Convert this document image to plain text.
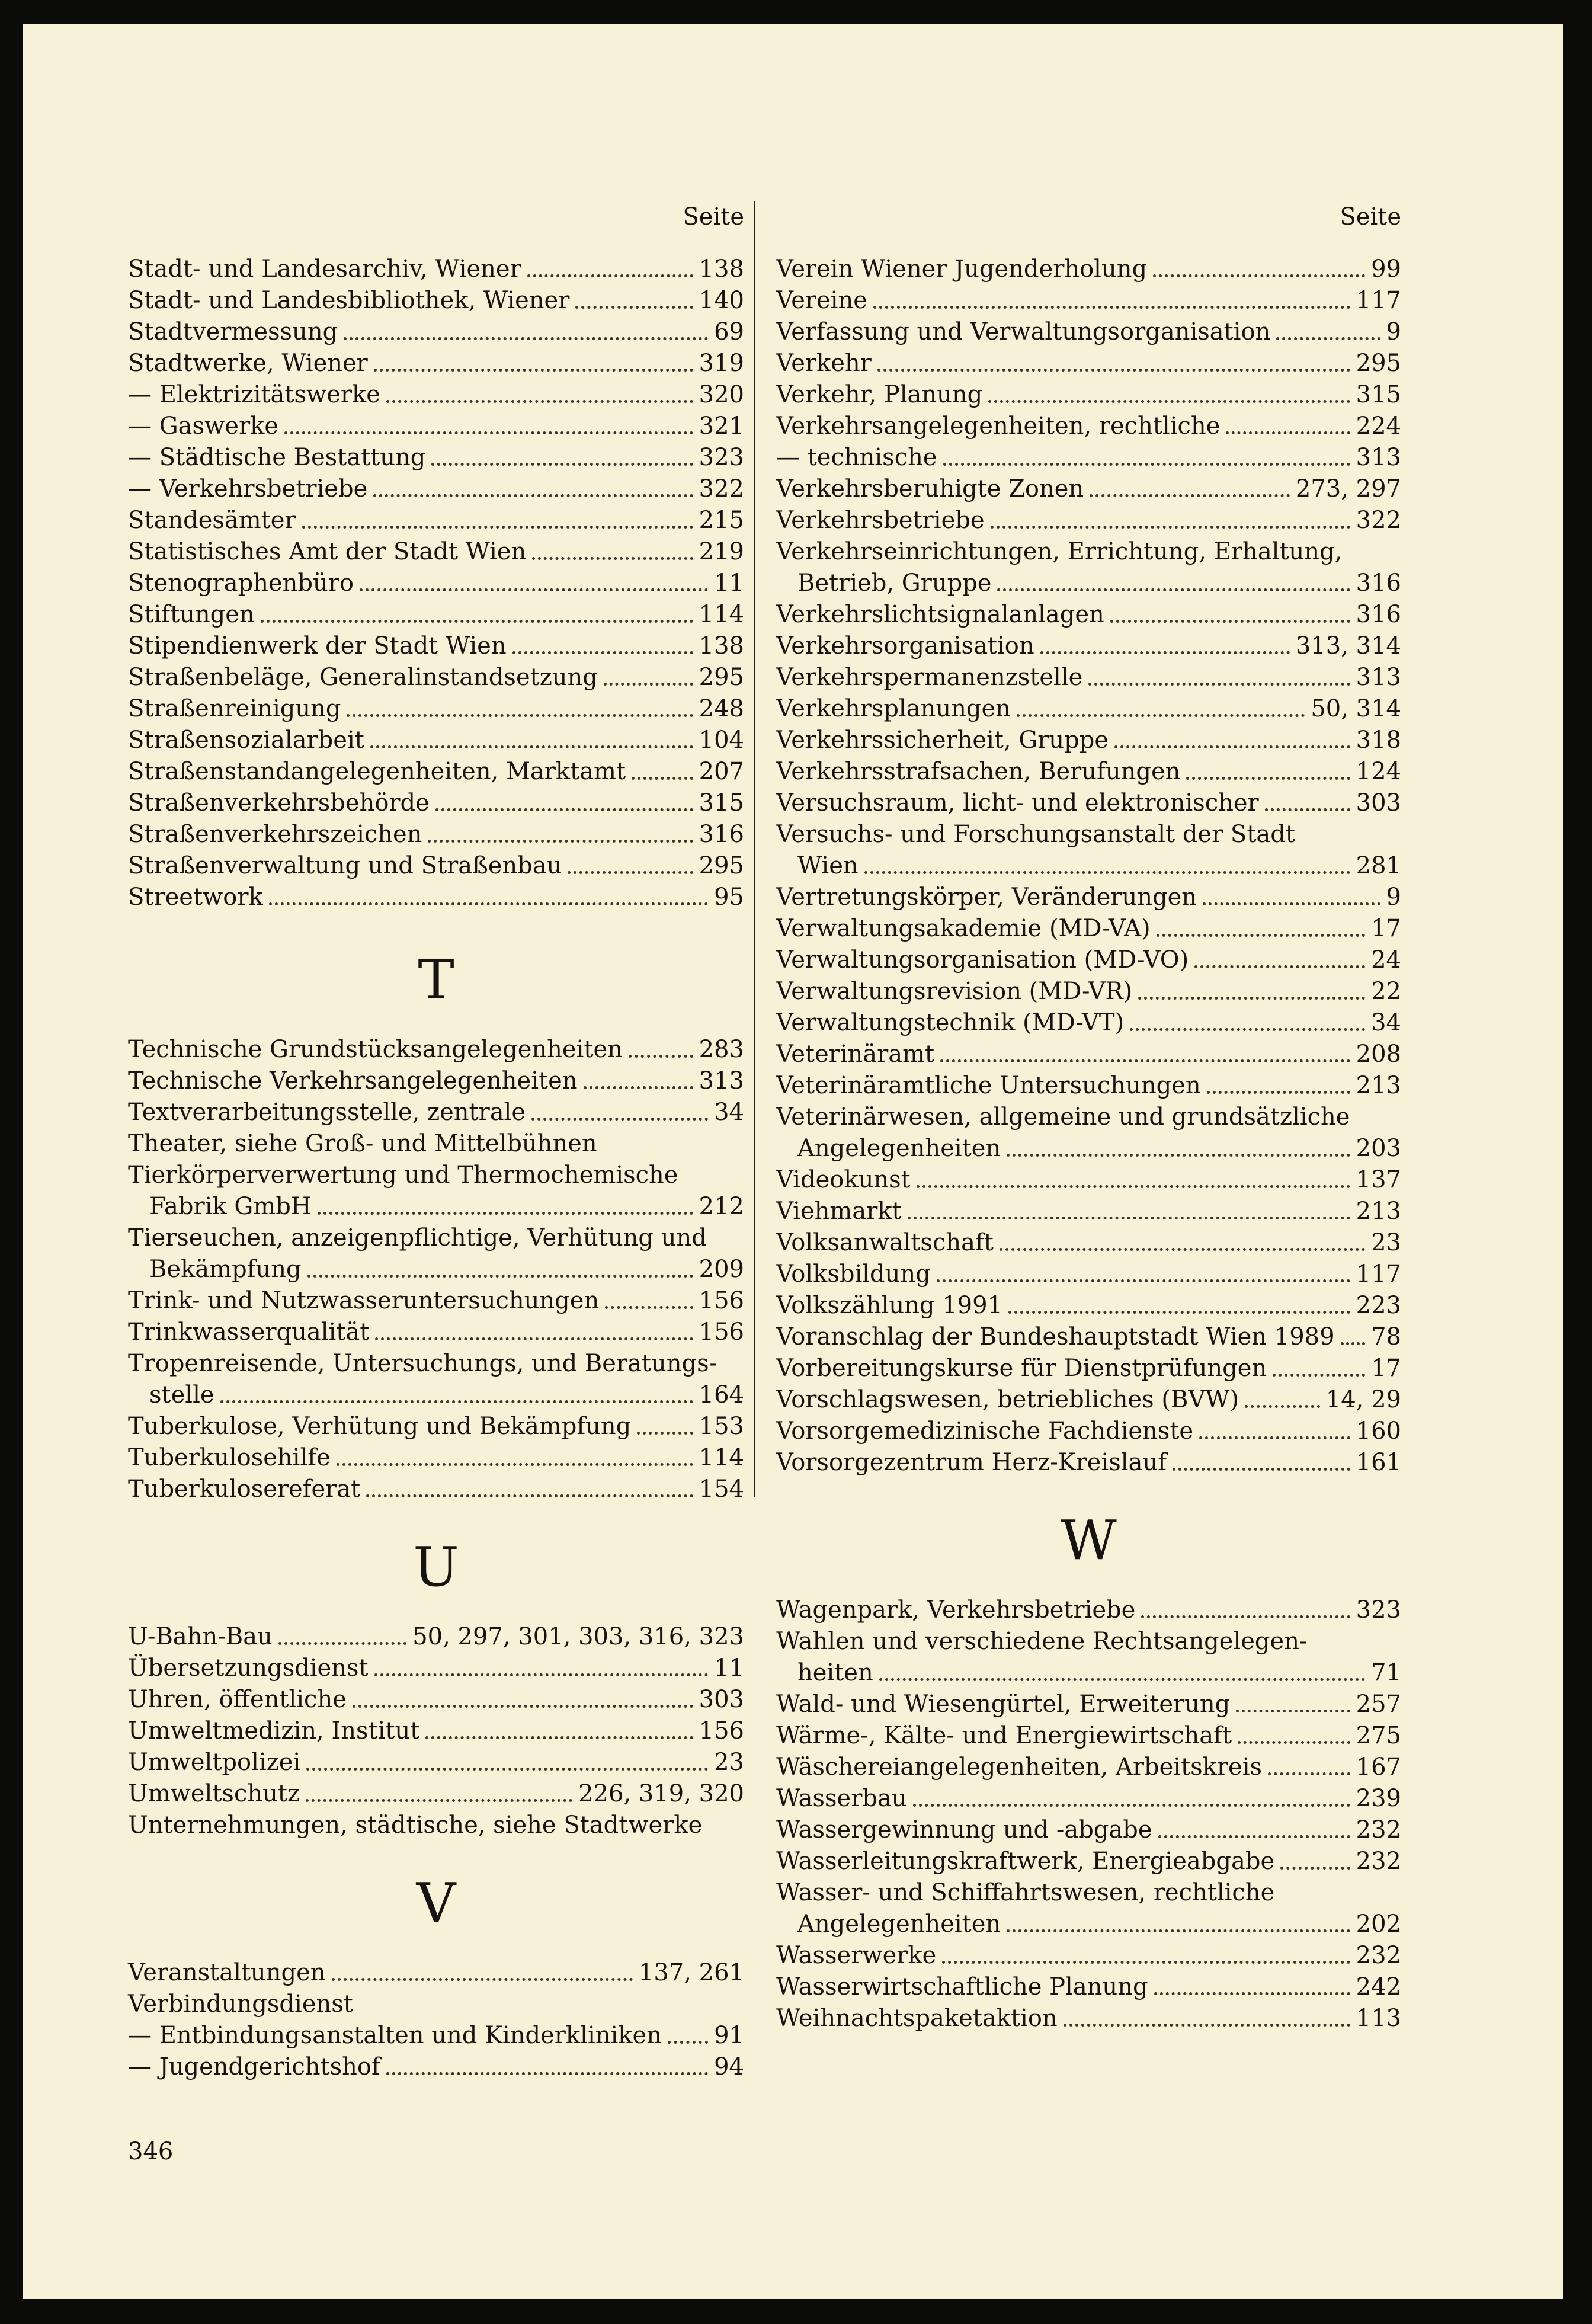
Seite
Stadt- und Landesarchiv, Wiener	138
Stadt- und Landesbibliothek, Wiener	140
Stadtvermessung	69
Stadtwerke, Wiener	319
— Elektrizitätswerke	320
— Gaswerke	321
— Städtische Bestattung	323
— Verkehrsbetriebe	322
Standesämter	215
Statistisches Amt der Stadt Wien	219
Stenographenbüro	11
Stiftungen	114
Stipendienwerk der Stadt Wien	138
Straßenbeläge, Generalinstandsetzung	295
Straßenreinigung	248
Straßensozialarbeit	104
Straßenstandangelegenheiten, Marktamt	207
Straßenverkehrsbehörde	315
Straßenverkehrszeichen	316
Straßenverwaltung und Straßenbau	295
Streetwork	95
T
Technische Grundstücksangelegenheiten	283
Technische Verkehrsangelegenheiten	313
Textverarbeitungsstelle, zentrale	34
Theater, siehe Groß- und Mittelbühnen
Tierkörperverwertung und Thermochemische
Fabrik GmbH	212
Tierseuchen, anzeigenpflichtige, Verhütung und
Bekämpfung	209
Trink- und Nutzwasseruntersuchungen	156
Trinkwasserqualität	156
Tropenreisende, Untersuchungs, und Beratungs-
stelle	164
Tuberkulose, Verhütung und Bekämpfung	153
Tuberkulosehilfe	114
Tuberkulosereferat	154
U
U-Bahn-Bau	50, 297, 301, 303, 316, 323
Übersetzungsdienst	11
Uhren, öffentliche	303
Umweltmedizin, Institut	156
Umweltpolizei	23
Umweltschutz	226, 319, 320
Unternehmungen, städtische, siehe Stadtwerke
V
Veranstaltungen	137, 261
Verbindungsdienst
— Entbindungsanstalten und Kinderkliniken 91
— Jugendgerichtshof	94
Seite
Verein Wiener Jugenderholung	99
Vereine	117
Verfassung und Verwaltungsorganisation	9
Verkehr	295
Verkehr, Planung	315
Verkehrsangelegenheiten, rechtliche	224
— technische	313
Verkehrsberuhigte Zonen	273, 297
Verkehrsbetriebe	322
Verkehrseinrichtungen, Errichtung, Erhaltung,
Betrieb, Gruppe	316
Verkehrslichtsignalanlagen	316
Verkehrsorganisation	313, 314
Verkehrspermanenzstelle	313
Verkehrsplanungen	50, 314
Verkehrssicherheit, Gruppe	318
Verkehrsstrafsachen, Berufungen	124
Versuchsraum, licht- und elektronischer	303
Versuchs- und Forschungsanstalt der Stadt
Wien	281
Vertretungskörper, Veränderungen	9
Verwaltungsakademie (MD-VA)	17
Verwaltungsorganisation (MD-VO)	24
Verwaltungsrevision (MD-VR)	22
Verwaltungstechnik (MD-VT)	34
Veterinäramt	208
Veterinäramtliche Untersuchungen	213
Veterinärwesen, allgemeine und grundsätzliche
Angelegenheiten	203
Videokunst	137
Viehmarkt	213
Volksanwaltschaft	23
Volksbildung	117
Volkszählung 1991	223
Voranschlag der Bundeshauptstadt Wien 1989 78
Vorbereitungskurse für Dienstprüfungen	17
Vorschlagswesen, betriebliches (BVW)	14, 29
Vorsorgemedizinische Fachdienste	160
Vorsorgezentrum Herz-Kreislauf	161
W
Wagenpark, Verkehrsbetriebe	323
Wahlen und verschiedene Rechtsangelegen-
heiten	71
Wald- und Wiesengürtel, Erweiterung	257
Wärme-, Kälte- und Energiewirtschaft	275
Wäschereiangelegenheiten, Arbeitskreis	167
Wasserbau	239
Wassergewinnung und -abgabe	232
Wasserleitungskraftwerk, Energieabgabe	232
Wasser- und Schiffahrtswesen, rechtliche
Angelegenheiten	202
Wasserwerke	232
Wasserwirtschaftliche Planung	242
Weihnachtspaketaktion	113
346
